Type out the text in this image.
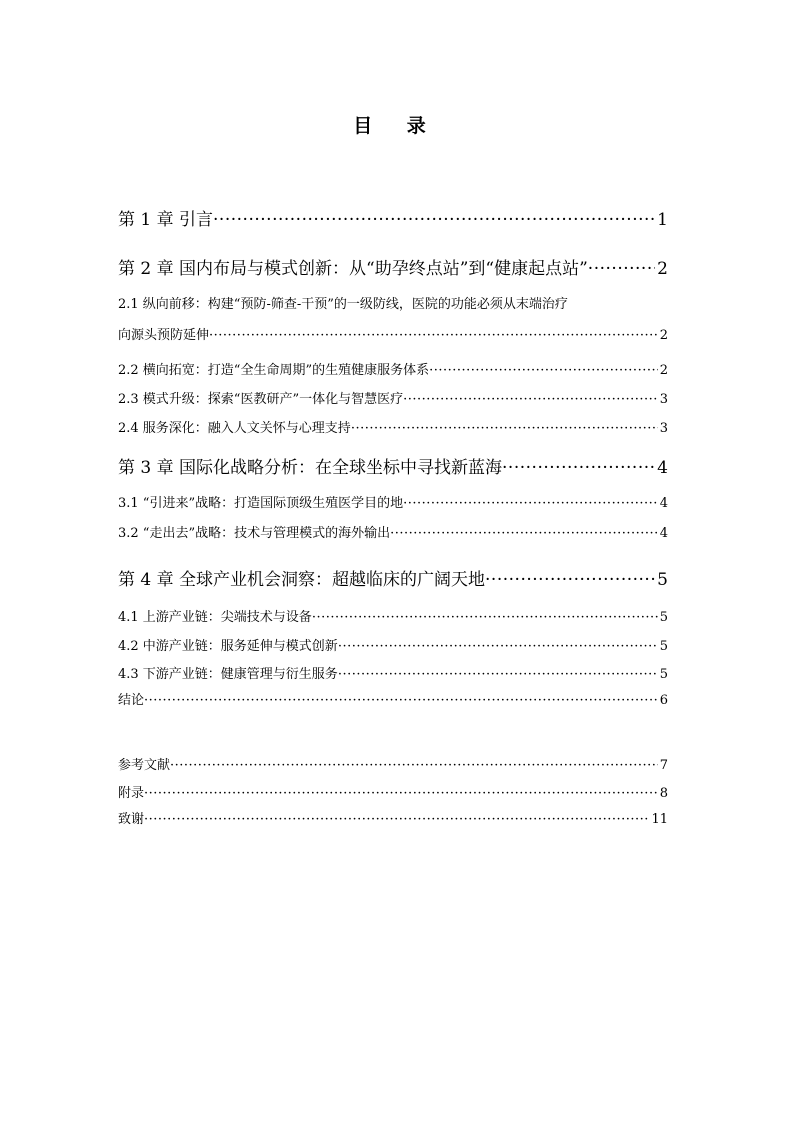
目 录
第 1 章 引言 ·····	1
第 2 章 国内布局与模式创新：从“助孕终点站”到“健康起点站” ·····	2
2.1 纵向前移：构建“预防-筛查-干预”的一级防线，医院的功能必须从末端治疗
向源头预防延伸 ·····	2
2.2 横向拓宽：打造“全生命周期”的生殖健康服务体系 ·····	2
2.3 模式升级：探索“医教研产”一体化与智慧医疗 ·····	3
2.4 服务深化：融入人文关怀与心理支持 ·····	3
第 3 章 国际化战略分析：在全球坐标中寻找新蓝海 ·····	4
3.1 “引进来”战略：打造国际顶级生殖医学目的地 ·····	4
3.2 “走出去”战略：技术与管理模式的海外输出 ·····	4
第 4 章 全球产业机会洞察：超越临床的广阔天地 ·····	5
4.1 上游产业链：尖端技术与设备 ·····	5
4.2 中游产业链：服务延伸与模式创新 ·····	5
4.3 下游产业链：健康管理与衍生服务 ·····	5
结论 ·····	6
参考文献 ·····	7
附录 ·····	8
致谢 ·····	11
